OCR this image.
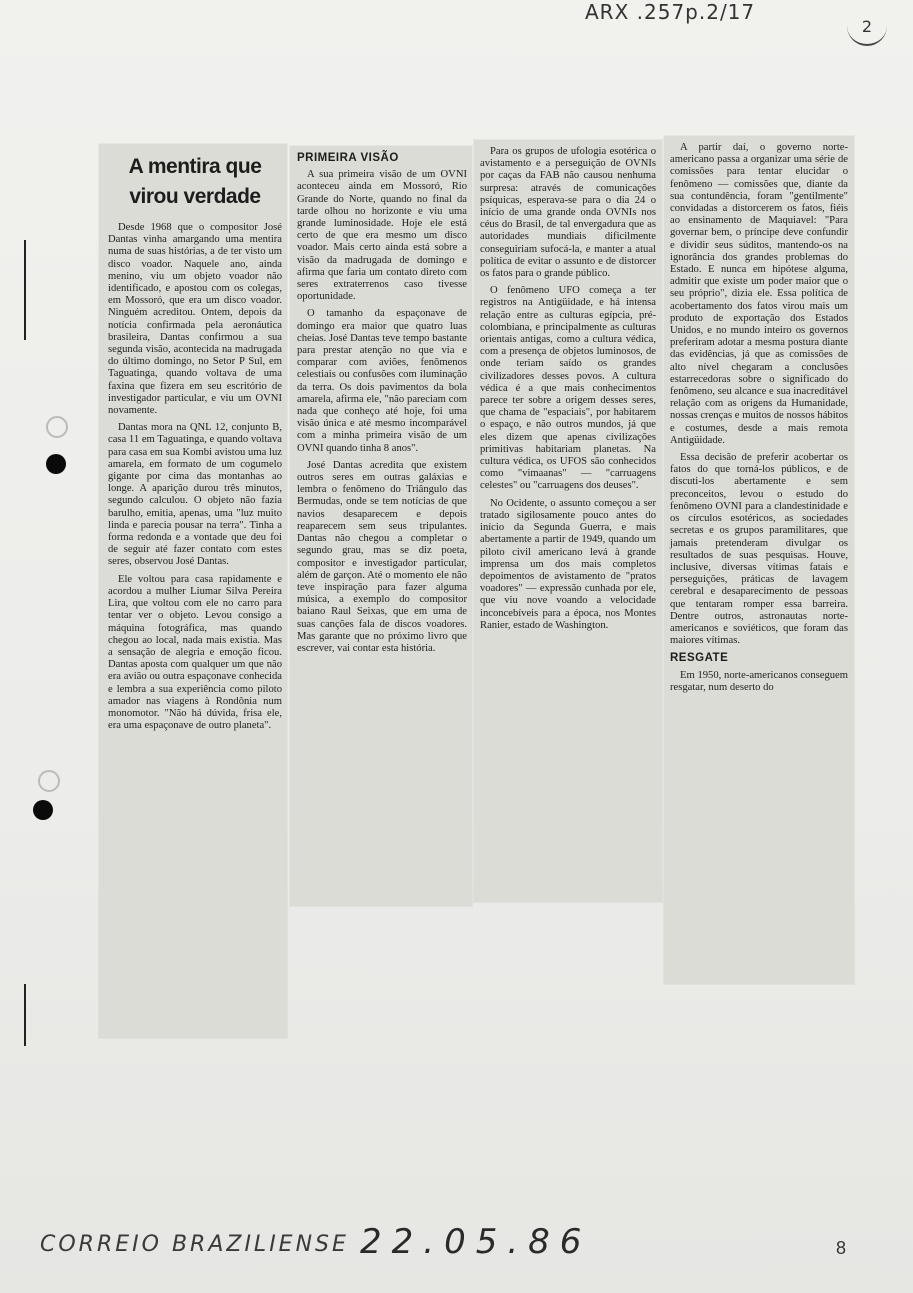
ARX .257p.2/17
2
A mentira que
virou verdade

Desde 1968 que o compositor José Dantas vinha amargando uma mentira numa de suas histórias, a de ter visto um disco voador. Naquele ano, ainda menino, viu um objeto voador não identificado, e apostou com os colegas, em Mossoró, que era um disco voador. Ninguém acreditou. Ontem, depois da notícia confirmada pela aeronáutica brasileira, Dantas confirmou a sua segunda visão, acontecida na madrugada do último domingo, no Setor P Sul, em Taguatinga, quando voltava de uma faxina que fizera em seu escritório de investigador particular, e viu um OVNI novamente.

Dantas mora na QNL 12, conjunto B, casa 11 em Taguatinga, e quando voltava para casa em sua Kombi avistou uma luz amarela, em formato de um cogumelo gigante por cima das montanhas ao longe. A aparição durou três minutos, segundo calculou. O objeto não fazia barulho, emitia, apenas, uma "luz muito linda e parecia pousar na terra". Tinha a forma redonda e a vontade que deu foi de seguir até fazer contato com estes seres, observou José Dantas.

Ele voltou para casa rapidamente e acordou a mulher Liumar Silva Pereira Lira, que voltou com ele no carro para tentar ver o objeto. Levou consigo a máquina fotográfica, mas quando chegou ao local, nada mais existia. Mas a sensação de alegria e emoção ficou. Dantas aposta com qualquer um que não era avião ou outra espaçonave conhecida e lembra a sua experiência como piloto amador nas viagens à Rondônia num monomotor. "Não há dúvida, frisa ele, era uma espaçonave de outro planeta".

PRIMEIRA VISÃO

A sua primeira visão de um OVNI aconteceu ainda em Mossoró, Rio Grande do Norte, quando no final da tarde olhou no horizonte e viu uma grande luminosidade. Hoje ele está certo de que era mesmo um disco voador. Mais certo ainda está sobre a visão da madrugada de domingo e afirma que faria um contato direto com seres extraterrenos caso tivesse oportunidade.

O tamanho da espaçonave de domingo era maior que quatro luas cheias. José Dantas teve tempo bastante para prestar atenção no que via e comparar com aviões, fenômenos celestiais ou confusões com iluminação da terra. Os dois pavimentos da bola amarela, afirma ele, "não pareciam com nada que conheço até hoje, foi uma visão única e até mesmo incomparável com a minha primeira visão de um OVNI quando tinha 8 anos".

José Dantas acredita que existem outros seres em outras galáxias e lembra o fenômeno do Triângulo das Bermudas, onde se tem notícias de que navios desaparecem e depois reaparecem sem seus tripulantes. Dantas não chegou a completar o segundo grau, mas se diz poeta, compositor e investigador particular, além de garçon. Até o momento ele não teve inspiração para fazer alguma música, a exemplo do compositor baiano Raul Seixas, que em uma de suas canções fala de discos voadores. Mas garante que no próximo livro que escrever, vai contar esta história.

Para os grupos de ufologia esotérica o avistamento e a perseguição de OVNIs por caças da FAB não causou nenhuma surpresa: através de comunicações psíquicas, esperava-se para o dia 24 o início de uma grande onda OVNIs nos céus do Brasil, de tal envergadura que as autoridades mundiais dificilmente conseguiriam sufocá-la, e manter a atual política de evitar o assunto e de distorcer os fatos para o grande público.

O fenômeno UFO começa a ter registros na Antigüidade, e há intensa relação entre as culturas egípcia, pré-colombiana, e principalmente as culturas orientais antigas, como a cultura védica, com a presença de objetos luminosos, de onde teriam saído os grandes civilizadores desses povos. A cultura védica é a que mais conhecimentos parece ter sobre a origem desses seres, que chama de "espaciais", por habitarem o espaço, e não outros mundos, já que eles dizem que apenas civilizações primitivas habitariam planetas. Na cultura védica, os UFOS são conhecidos como "vimaanas" — "carruagens celestes" ou "carruagens dos deuses".

No Ocidente, o assunto começou a ser tratado sigilosamente pouco antes do início da Segunda Guerra, e mais abertamente a partir de 1949, quando um piloto civil americano levá à grande imprensa um dos mais completos depoimentos de avistamento de "pratos voadores" — expressão cunhada por ele, que viu nove voando a velocidade inconcebíveis para a época, nos Montes Ranier, estado de Washington.

A partir daí, o governo norte-americano passa a organizar uma série de comissões para tentar elucidar o fenômeno — comissões que, diante da sua contundência, foram "gentilmente" convidadas a distorcerem os fatos, fiéis ao ensinamento de Maquiavel: "Para governar bem, o príncipe deve confundir e dividir seus súditos, mantendo-os na ignorância dos grandes problemas do Estado. E nunca em hipótese alguma, admitir que existe um poder maior que o seu próprio", dizia ele. Essa política de acobertamento dos fatos virou mais um produto de exportação dos Estados Unidos, e no mundo inteiro os governos preferiram adotar a mesma postura diante das evidências, já que as comissões de alto nível chegaram a conclusões estarrecedoras sobre o significado do fenômeno, seu alcance e sua inacreditável relação com as origens da Humanidade, nossas crenças e muitos de nossos hábitos e costumes, desde a mais remota Antigüidade.

Essa decisão de preferir acobertar os fatos do que torná-los públicos, e de discuti-los abertamente e sem preconceitos, levou o estudo do fenômeno OVNI para a clandestinidade e os círculos esotéricos, as sociedades secretas e os grupos paramilitares, que jamais pretenderam divulgar os resultados de suas pesquisas. Houve, inclusive, diversas vítimas fatais e perseguições, práticas de lavagem cerebral e desaparecimento de pessoas que tentaram romper essa barreira. Dentre outros, astronautas norte-americanos e soviéticos, que foram das maiores vítimas.

RESGATE

Em 1950, norte-americanos conseguem resgatar, num deserto do

CORREIO BRAZILIENSE 22.05.86	8
